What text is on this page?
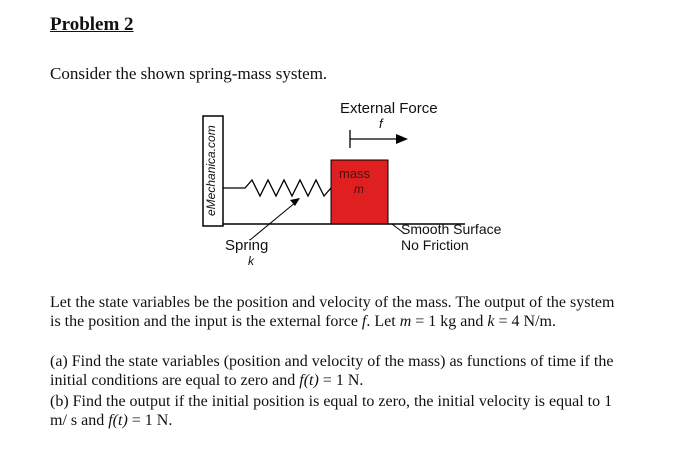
Problem 2
Consider the shown spring-mass system.
eMechanica.com
External Force
f
mass
m
Spring
k
Smooth Surface
No Friction
Let the state variables be the position and velocity of the mass. The output of the system
is the position and the input is the external force f. Let m = 1 kg and k = 4 N/m.
(a) Find the state variables (position and velocity of the mass) as functions of time if the
initial conditions are equal to zero and f(t) = 1 N.
(b) Find the output if the initial position is equal to zero, the initial velocity is equal to 1
m/ s and f(t) = 1 N.
